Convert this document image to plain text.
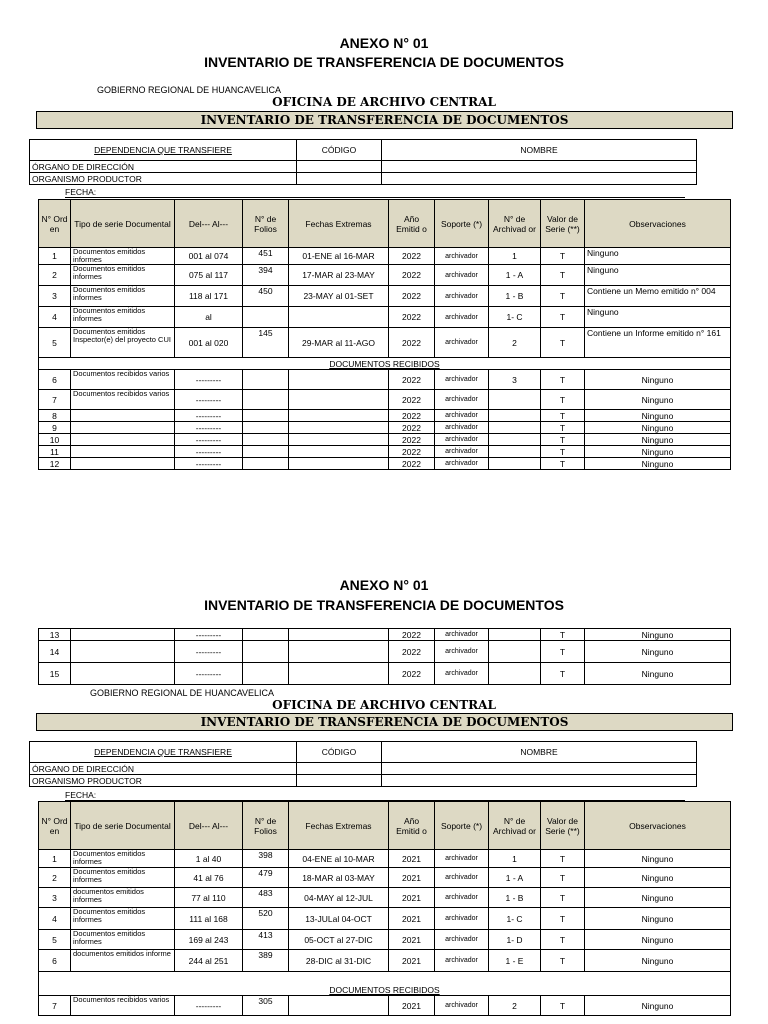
ANEXO N° 01
INVENTARIO DE TRANSFERENCIA DE DOCUMENTOS
GOBIERNO REGIONAL DE HUANCAVELICA
OFICINA DE ARCHIVO CENTRAL
INVENTARIO DE TRANSFERENCIA DE DOCUMENTOS
DEPENDENCIA QUE TRANSFIERE	CÓDIGO	NOMBRE
ÓRGANO DE DIRECCIÓN		
ORGANISMO PRODUCTOR		
FECHA:
N° Ord en	Tipo de serie Documental	Del--- Al---	N° de Folios	Fechas Extremas	Año Emitid o	Soporte (*)	N° de Archivad or	Valor de Serie (**)	Observaciones
1	Documentos emitidos informes	001 al 074	451	01-ENE al 16-MAR	2022	archivador	1	T	Ninguno
2	Documentos emitidos informes	075 al 117	394	17-MAR al 23-MAY	2022	archivador	1 - A	T	Ninguno
3	Documentos emitidos informes	118 al 171	450	23-MAY al 01-SET	2022	archivador	1 - B	T	Contiene un Memo emitido n° 004
4	Documentos emitidos informes	al			2022	archivador	1- C	T	Ninguno
5	Documentos emitidos Inspector(e) del proyecto CUI	001 al 020	145	29-MAR al 11-AGO	2022	archivador	2	T	Contiene un Informe emitido n° 161
DOCUMENTOS RECIBIDOS									
6	Documentos recibidos varios	---------			2022	archivador	3	T	Ninguno
7	Documentos recibidos varios	---------			2022	archivador		T	Ninguno
8		---------			2022	archivador		T	Ninguno
9		---------			2022	archivador		T	Ninguno
10		---------			2022	archivador		T	Ninguno
11		---------			2022	archivador		T	Ninguno
12		---------			2022	archivador		T	Ninguno
ANEXO N° 01
INVENTARIO DE TRANSFERENCIA DE DOCUMENTOS
13		---------			2022	archivador		T	Ninguno
14		---------			2022	archivador		T	Ninguno
15		---------			2022	archivador		T	Ninguno
GOBIERNO REGIONAL DE HUANCAVELICA
OFICINA DE ARCHIVO CENTRAL
INVENTARIO DE TRANSFERENCIA DE DOCUMENTOS
DEPENDENCIA QUE TRANSFIERE	CÓDIGO	NOMBRE
ÓRGANO DE DIRECCIÓN		
ORGANISMO PRODUCTOR		
FECHA:
N° Ord en	Tipo de serie Documental	Del--- Al---	N° de Folios	Fechas Extremas	Año Emitid o	Soporte (*)	N° de Archivad or	Valor de Serie (**)	Observaciones
1	Documentos emitidos informes	1 al 40	398	04-ENE al 10-MAR	2021	archivador	1	T	Ninguno
2	Documentos emitidos informes	41 al 76	479	18-MAR al 03-MAY	2021	archivador	1 - A	T	Ninguno
3	documentos emitidos informes	77 al 110	483	04-MAY al 12-JUL	2021	archivador	1 - B	T	Ninguno
4	Documentos emitidos informes	111 al 168	520	13-JULal 04-OCT	2021	archivador	1- C	T	Ninguno
5	Documentos emitidos informes	169 al 243	413	05-OCT al 27-DIC	2021	archivador	1- D	T	Ninguno
6	documentos emitidos informe	244 al 251	389	28-DIC al 31-DIC	2021	archivador	1 - E	T	Ninguno
DOCUMENTOS RECIBIDOS									
7	Documentos recibidos varios	---------	305		2021	archivador	2	T	Ninguno
